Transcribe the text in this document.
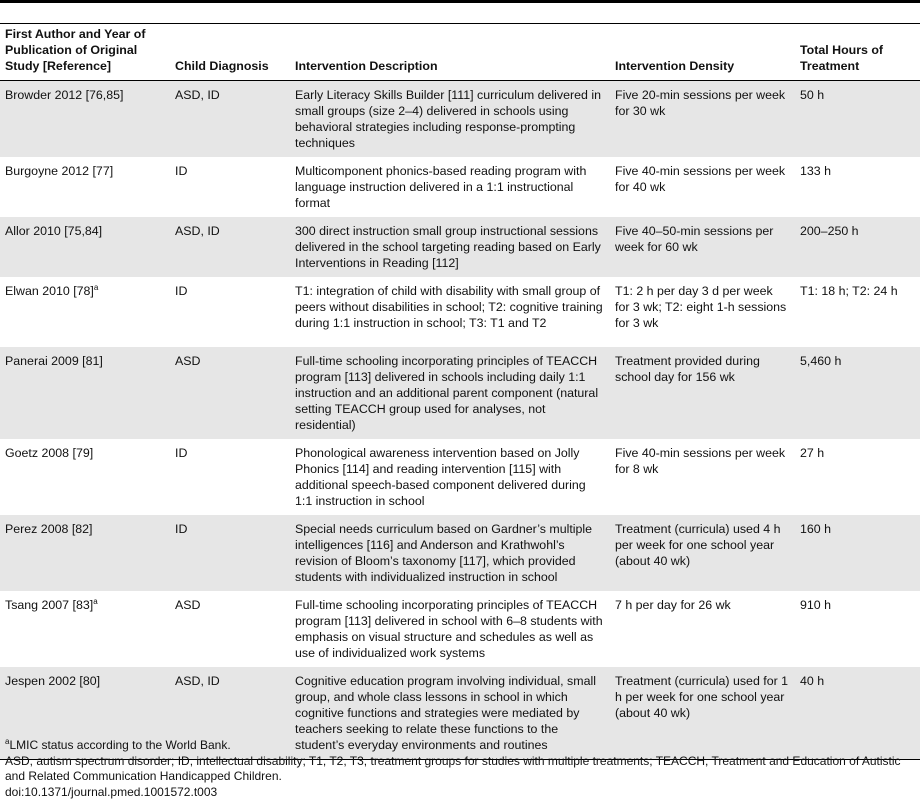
First Author and Year of Publication of Original Study [Reference]	Child Diagnosis	Intervention Description	Intervention Density	Total Hours of Treatment
Browder 2012 [76,85]	ASD, ID	Early Literacy Skills Builder [111] curriculum delivered in small groups (size 2–4) delivered in schools using behavioral strategies including response-prompting techniques	Five 20-min sessions per week for 30 wk	50 h
Burgoyne 2012 [77]	ID	Multicomponent phonics-based reading program with language instruction delivered in a 1:1 instructional format	Five 40-min sessions per week for 40 wk	133 h
Allor 2010 [75,84]	ASD, ID	300 direct instruction small group instructional sessions delivered in the school targeting reading based on Early Interventions in Reading [112]	Five 40–50-min sessions per week for 60 wk	200–250 h
Elwan 2010 $[78]^a$	ID	T1: integration of child with disability with small group of peers without disabilities in school; T2: cognitive training during 1:1 instruction in school; T3: T1 and T2	T1: 2 h per day 3 d per week for 3 wk; T2: eight 1-h sessions for 3 wk	T1: 18 h; T2: 24 h
Panerai 2009 [81]	ASD	Full-time schooling incorporating principles of TEACCH program [113] delivered in schools including daily 1:1 instruction and an additional parent component (natural setting TEACCH group used for analyses, not residential)	Treatment provided during school day for 156 wk	5,460 h
Goetz 2008 [79]	ID	Phonological awareness intervention based on Jolly Phonics [114] and reading intervention [115] with additional speech-based component delivered during 1:1 instruction in school	Five 40-min sessions per week for 8 wk	27 h
Perez 2008 [82]	ID	Special needs curriculum based on Gardner’s multiple intelligences [116] and Anderson and Krathwohl’s revision of Bloom’s taxonomy [117], which provided students with individualized instruction in school	Treatment (curricula) used 4 h per week for one school year (about 40 wk)	160 h
Tsang 2007 $[83]^a$	ASD	Full-time schooling incorporating principles of TEACCH program [113] delivered in school with 6–8 students with emphasis on visual structure and schedules as well as use of individualized work systems	7 h per day for 26 wk	910 h
Jespen 2002 [80]	ASD, ID	Cognitive education program involving individual, small group, and whole class lessons in school in which cognitive functions and strategies were mediated by teachers seeking to relate these functions to the student’s everyday environments and routines	Treatment (curricula) used for 1 h per week for one school year (about 40 wk)	40 h

$^a$LMIC status according to the World Bank.

ASD, autism spectrum disorder; ID, intellectual disability; T1, T2, T3, treatment groups for studies with multiple treatments; TEACCH, Treatment and Education of Autistic and Related Communication Handicapped Children.

doi:10.1371/journal.pmed.1001572.t003
